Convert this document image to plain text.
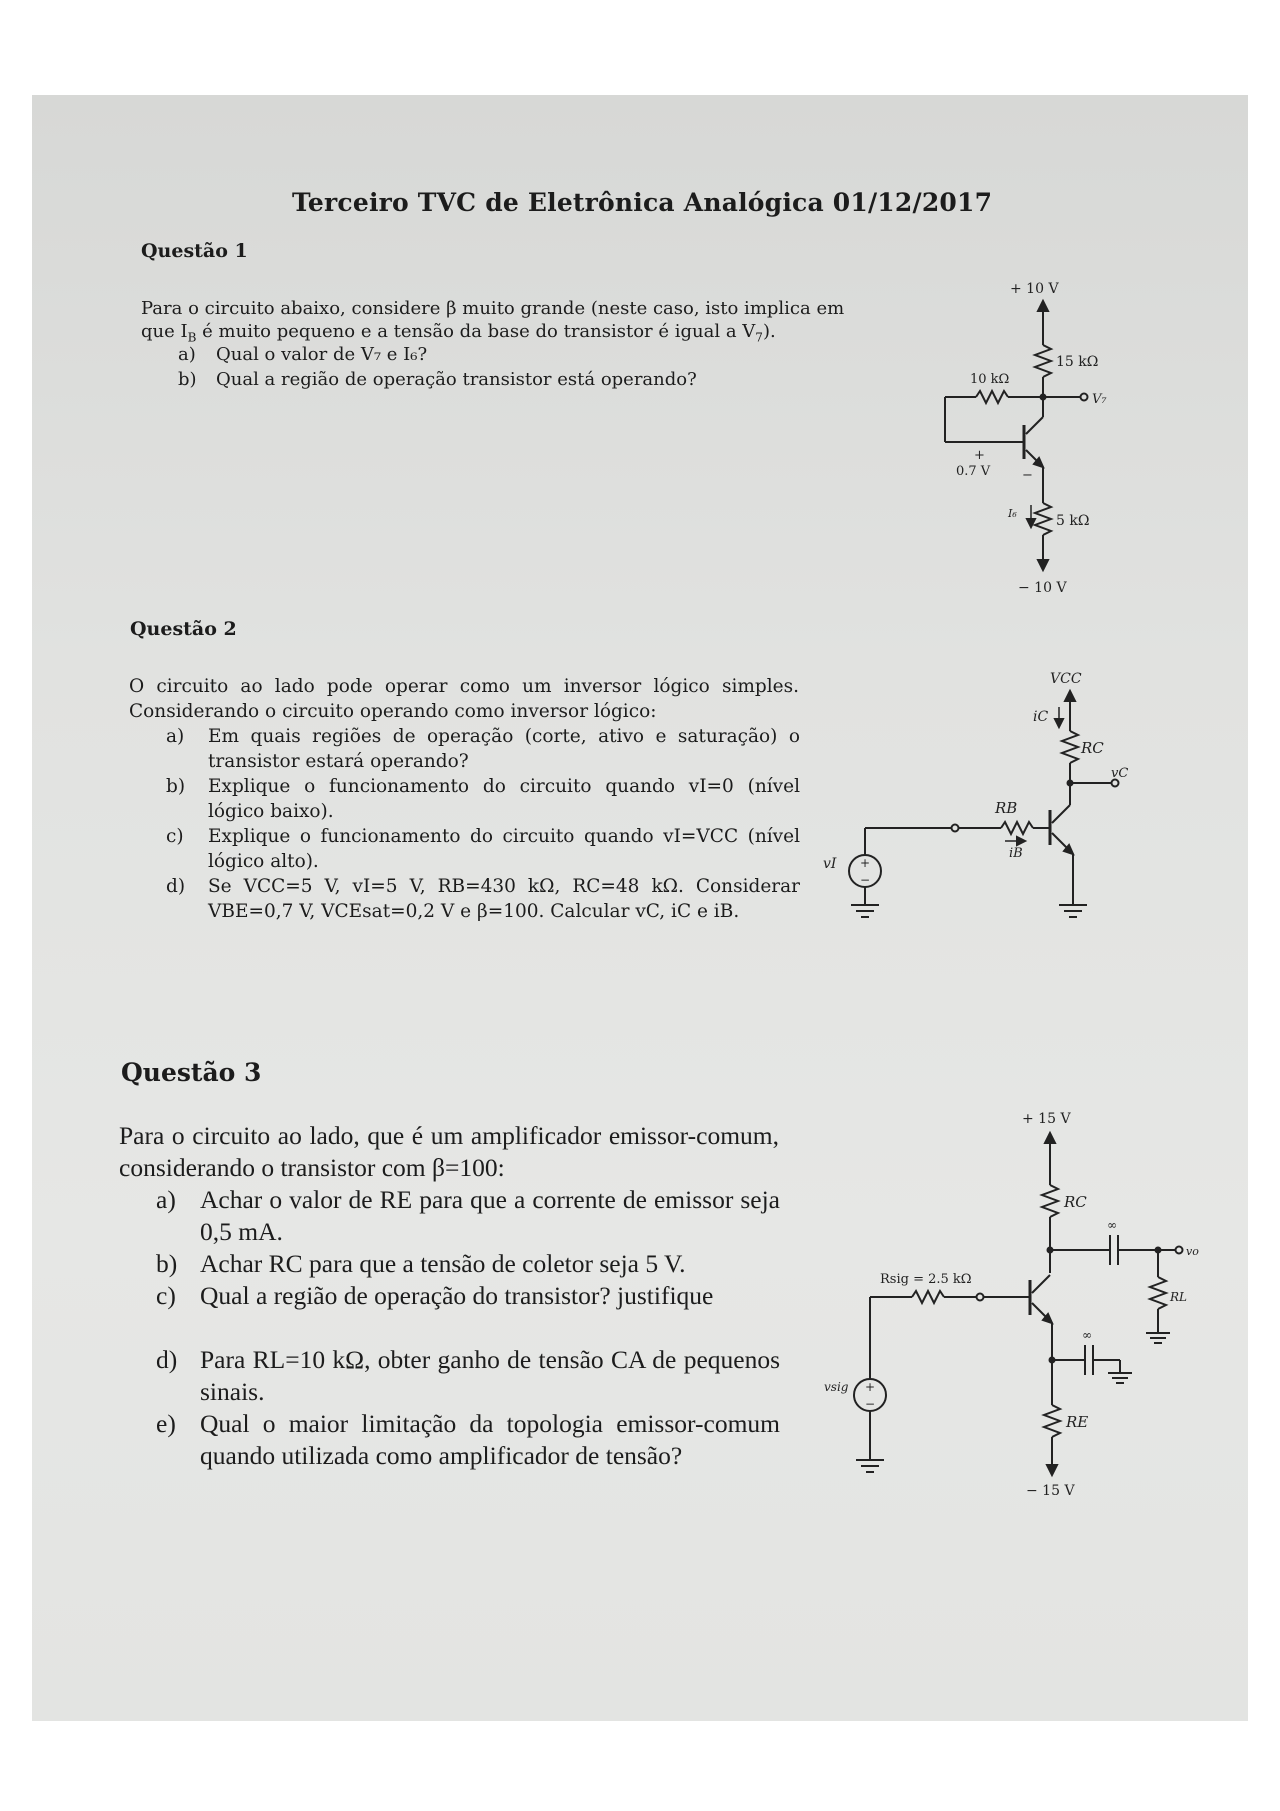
Terceiro TVC de Eletrônica Analógica 01/12/2017
Questão 1
Para o circuito abaixo, considere β muito grande (neste caso, isto implica em
que $I_B$ é muito pequeno e a tensão da base do transistor é igual a $V_7$).
a) Qual o valor de V₇ e I₆?
b) Qual a região de operação transistor está operando?
+ 10 V
15 kΩ
V₇
10 kΩ
+
0.7 V −
5 kΩ
I₆
− 10 V
Questão 2
O circuito ao lado pode operar como um inversor lógico simples. Considerando o circuito operando como inversor lógico:
a) Em quais regiões de operação (corte, ativo e saturação) o transistor estará operando?
b) Explique o funcionamento do circuito quando vI=0 (nível lógico baixo).
c) Explique o funcionamento do circuito quando vI=VCC (nível lógico alto).
d) Se VCC=5 V, vI=5 V, RB=430 kΩ, RC=48 kΩ. Considerar VBE=0,7 V, VCEsat=0,2 V e β=100. Calcular vC, iC e iB.
VCC
iC
RC
vC
RB
iB
+
−
vI
Questão 3
Para o circuito ao lado, que é um amplificador emissor-comum, considerando o transistor com β=100:
a) Achar o valor de RE para que a corrente de emissor seja 0,5 mA.
b) Achar RC para que a tensão de coletor seja 5 V.
c) Qual a região de operação do transistor? justifique
d) Para RL=10 kΩ, obter ganho de tensão CA de pequenos sinais.
e) Qual o maior limitação da topologia emissor-comum quando utilizada como amplificador de tensão?
+ 15 V
RC
∞
vo
RL
∞
RE
− 15 V
Rsig = 2.5 kΩ
+
−
vsig
